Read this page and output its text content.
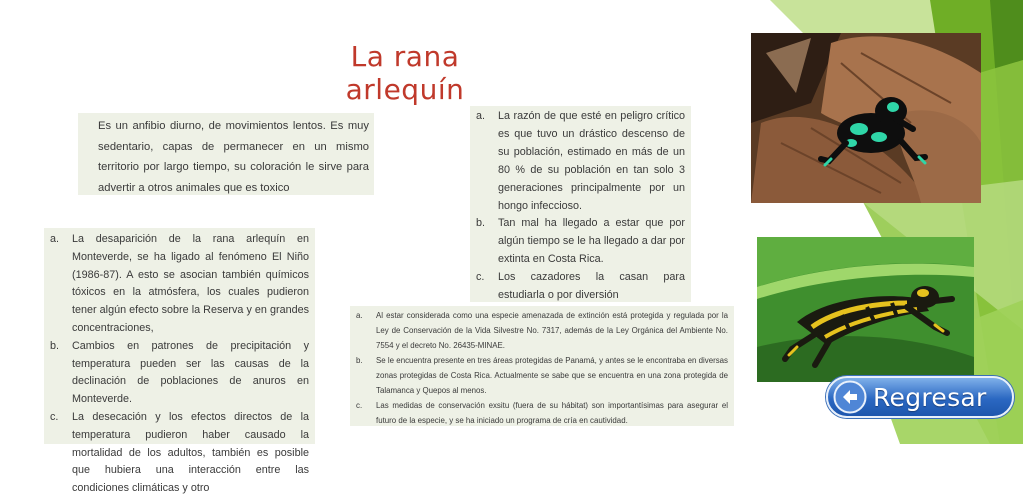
La rana arlequín
Es un anfibio diurno, de movimientos lentos. Es muy sedentario, capas de permanecer en un mismo territorio por largo tiempo, su coloración le sirve para advertir a otros animales que es toxico
a. La desaparición de la rana arlequín en Monteverde, se ha ligado al fenómeno El Niño (1986-87). A esto se asocian también químicos tóxicos en la atmósfera, los cuales pudieron tener algún efecto sobre la Reserva y en grandes concentraciones,
b. Cambios en patrones de precipitación y temperatura pueden ser las causas de la declinación de poblaciones de anuros en Monteverde.
c. La desecación y los efectos directos de la temperatura pudieron haber causado la mortalidad de los adultos, también es posible que hubiera una interacción entre las condiciones climáticas y otro
a. La razón de que esté en peligro crítico es que tuvo un drástico descenso de su población, estimado en más de un 80 % de su población en tan solo 3 generaciones principalmente por un hongo infeccioso.
b. Tan mal ha llegado a estar que por algún tiempo se le ha llegado a dar por extinta en Costa Rica.
c. Los cazadores la casan para estudiarla o por diversión
a. Al estar considerada como una especie amenazada de extinción está protegida y regulada por la Ley de Conservación de la Vida Silvestre No. 7317, además de la Ley Orgánica del Ambiente No. 7554 y el decreto No. 26435-MINAE.
b. Se le encuentra presente en tres áreas protegidas de Panamá, y antes se le encontraba en diversas zonas protegidas de Costa Rica. Actualmente se sabe que se encuentra en una zona protegida de Talamanca y Quepos al menos.
c. Las medidas de conservación exsitu (fuera de su hábitat) son importantísimas para asegurar el futuro de la especie, y se ha iniciado un programa de cría en cautividad.
Regresar
